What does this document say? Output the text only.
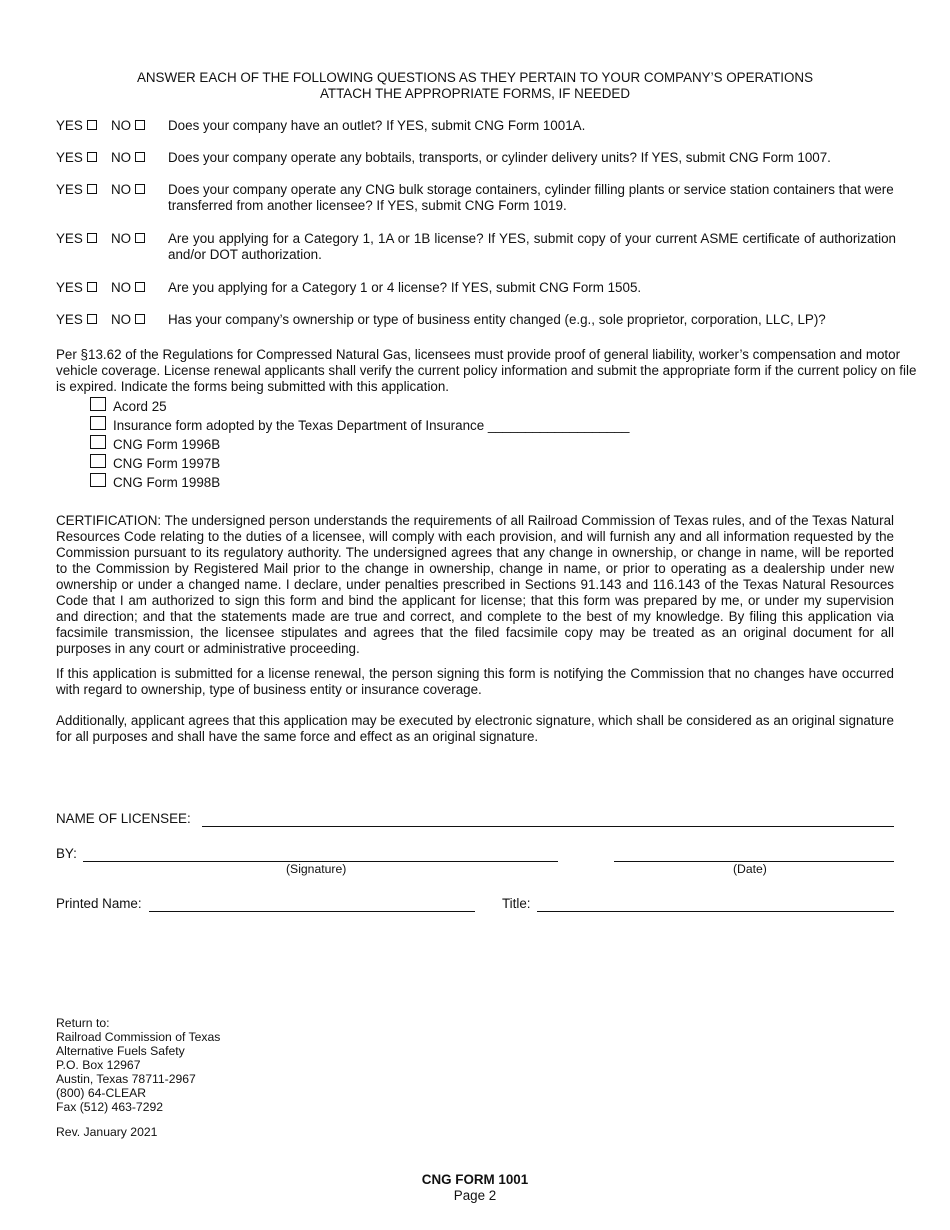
ANSWER EACH OF THE FOLLOWING QUESTIONS AS THEY PERTAIN TO YOUR COMPANY’S OPERATIONS
ATTACH THE APPROPRIATE FORMS, IF NEEDED
YES	NO	Does your company have an outlet? If YES, submit CNG Form 1001A.
YES	NO	Does your company operate any bobtails, transports, or cylinder delivery units? If YES, submit CNG Form 1007.
YES	NO	Does your company operate any CNG bulk storage containers, cylinder filling plants or service station containers that were transferred from another licensee? If YES, submit CNG Form 1019.
YES	NO	Are you applying for a Category 1, 1A or 1B license? If YES, submit copy of your current ASME certificate of authorization and/or DOT authorization.
YES	NO	Are you applying for a Category 1 or 4 license? If YES, submit CNG Form 1505.
YES	NO	Has your company’s ownership or type of business entity changed (e.g., sole proprietor, corporation, LLC, LP)?
Per §13.62 of the Regulations for Compressed Natural Gas, licensees must provide proof of general liability, worker’s compensation and motor vehicle coverage. License renewal applicants shall verify the current policy information and submit the appropriate form if the current policy on file is expired. Indicate the forms being submitted with this application.
Acord 25
Insurance form adopted by the Texas Department of Insurance ___________________
CNG Form 1996B
CNG Form 1997B
CNG Form 1998B
CERTIFICATION: The undersigned person understands the requirements of all Railroad Commission of Texas rules, and of the Texas Natural Resources Code relating to the duties of a licensee, will comply with each provision, and will furnish any and all information requested by the Commission pursuant to its regulatory authority. The undersigned agrees that any change in ownership, or change in name, will be reported to the Commission by Registered Mail prior to the change in ownership, change in name, or prior to operating as a dealership under new ownership or under a changed name. I declare, under penalties prescribed in Sections 91.143 and 116.143 of the Texas Natural Resources Code that I am authorized to sign this form and bind the applicant for license; that this form was prepared by me, or under my supervision and direction; and that the statements made are true and correct, and complete to the best of my knowledge. By filing this application via facsimile transmission, the licensee stipulates and agrees that the filed facsimile copy may be treated as an original document for all purposes in any court or administrative proceeding.
If this application is submitted for a license renewal, the person signing this form is notifying the Commission that no changes have occurred with regard to ownership, type of business entity or insurance coverage.
Additionally, applicant agrees that this application may be executed by electronic signature, which shall be considered as an original signature for all purposes and shall have the same force and effect as an original signature.
NAME OF LICENSEE:
BY:
(Signature)	(Date)
Printed Name:	Title:
Return to:
Railroad Commission of Texas
Alternative Fuels Safety
P.O. Box 12967
Austin, Texas 78711-2967
(800) 64-CLEAR
Fax (512) 463-7292
Rev. January 2021
CNG FORM 1001
Page 2
